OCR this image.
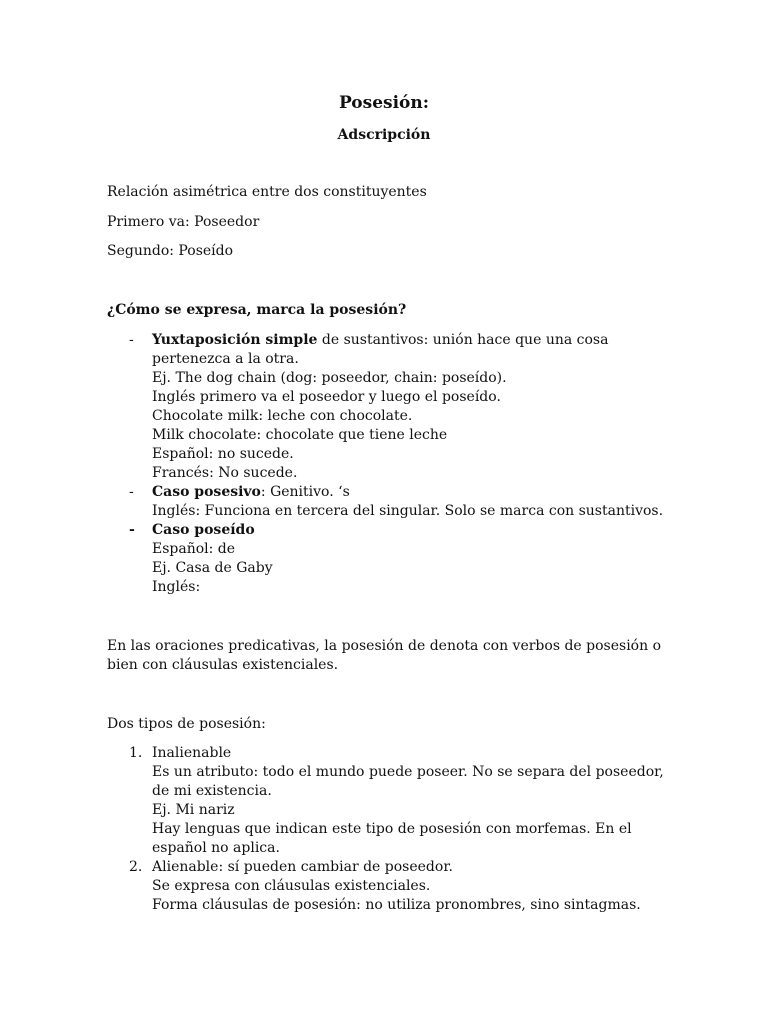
Posesión:
Adscripción
Relación asimétrica entre dos constituyentes
Primero va: Poseedor
Segundo: Poseído
¿Cómo se expresa, marca la posesión?
- Yuxtaposición simple de sustantivos: unión hace que una cosa
pertenezca a la otra.
Ej. The dog chain (dog: poseedor, chain: poseído).
Inglés primero va el poseedor y luego el poseído.
Chocolate milk: leche con chocolate.
Milk chocolate: chocolate que tiene leche
Español: no sucede.
Francés: No sucede.
- Caso posesivo: Genitivo. ‘s
Inglés: Funciona en tercera del singular. Solo se marca con sustantivos.
- Caso poseído
Español: de
Ej. Casa de Gaby
Inglés:
En las oraciones predicativas, la posesión de denota con verbos de posesión o
bien con cláusulas existenciales.
Dos tipos de posesión:
1. Inalienable
Es un atributo: todo el mundo puede poseer. No se separa del poseedor,
de mi existencia.
Ej. Mi nariz
Hay lenguas que indican este tipo de posesión con morfemas. En el
español no aplica.
2. Alienable: sí pueden cambiar de poseedor.
Se expresa con cláusulas existenciales.
Forma cláusulas de posesión: no utiliza pronombres, sino sintagmas.
